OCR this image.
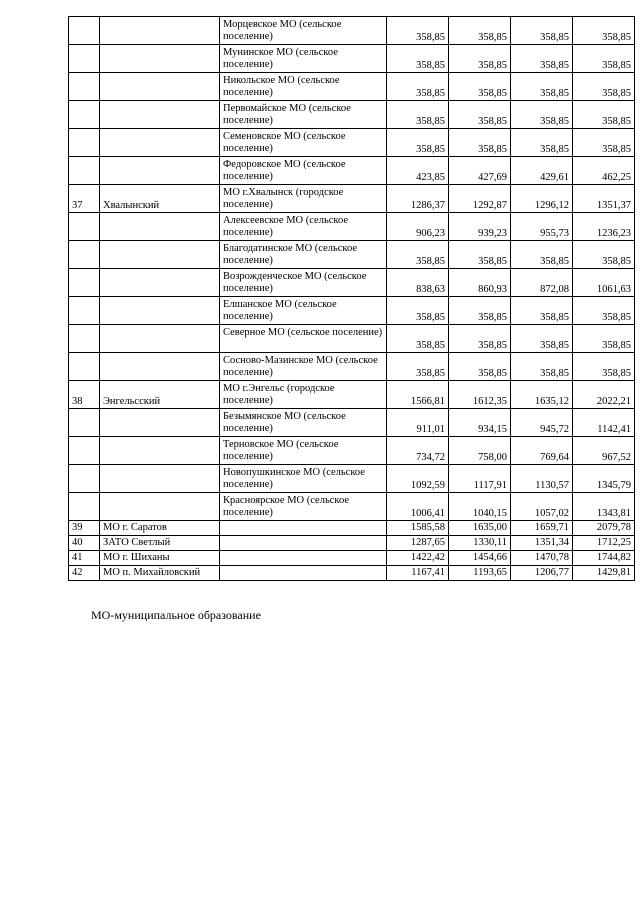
		Морцевское МО (сельское поселение)	358,85	358,85	358,85	358,85
		Мунинское МО (сельское поселение)	358,85	358,85	358,85	358,85
		Никольское МО (сельское поселение)	358,85	358,85	358,85	358,85
		Первомайское МО (сельское поселение)	358,85	358,85	358,85	358,85
		Семеновское МО (сельское поселение)	358,85	358,85	358,85	358,85
		Федоровское МО (сельское поселение)	423,85	427,69	429,61	462,25
37	Хвалынский	МО г.Хвалынск (городское поселение)	1286,37	1292,87	1296,12	1351,37
		Алексеевское МО (сельское поселение)	906,23	939,23	955,73	1236,23
		Благодатинское МО (сельское поселение)	358,85	358,85	358,85	358,85
		Возрожденческое МО (сельское поселение)	838,63	860,93	872,08	1061,63
		Елшанское МО (сельское поселение)	358,85	358,85	358,85	358,85
		Северное МО (сельское поселение)	358,85	358,85	358,85	358,85
		Сосново-Мазинское МО (сельское поселение)	358,85	358,85	358,85	358,85
38	Энгельсский	МО г.Энгельс (городское поселение)	1566,81	1612,35	1635,12	2022,21
		Безымянское МО (сельское поселение)	911,01	934,15	945,72	1142,41
		Терновское МО (сельское поселение)	734,72	758,00	769,64	967,52
		Новопушкинское МО (сельское поселение)	1092,59	1117,91	1130,57	1345,79
		Красноярское МО (сельское поселение)	1006,41	1040,15	1057,02	1343,81
39	МО г. Саратов		1585,58	1635,00	1659,71	2079,78
40	ЗАТО Светлый		1287,65	1330,11	1351,34	1712,25
41	МО г. Шиханы		1422,42	1454,66	1470,78	1744,82
42	МО п. Михайловский		1167,41	1193,65	1206,77	1429,81
МО-муниципальное образование
